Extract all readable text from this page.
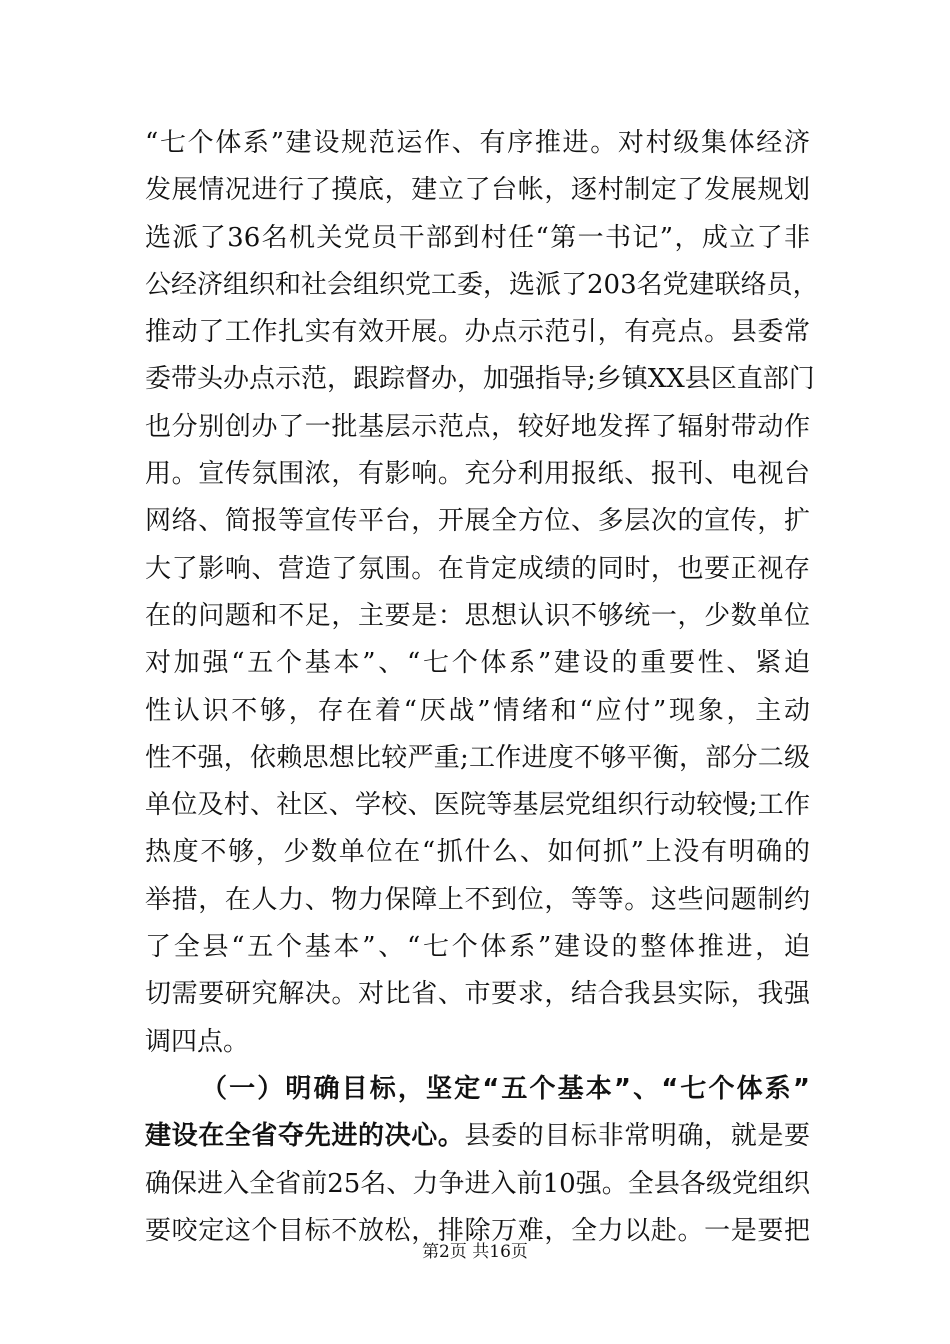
“七个体系”建设规范运作、有序推进。对村级集体经济
发展情况进行了摸底，建立了台帐，逐村制定了发展规划
选派了36名机关党员干部到村任“第一书记”，成立了非
公经济组织和社会组织党工委，选派了203名党建联络员，
推动了工作扎实有效开展。办点示范引，有亮点。县委常
委带头办点示范，跟踪督办，加强指导;乡镇XX县区直部门
也分别创办了一批基层示范点，较好地发挥了辐射带动作
用。宣传氛围浓，有影响。充分利用报纸、报刊、电视台
网络、简报等宣传平台，开展全方位、多层次的宣传，扩
大了影响、营造了氛围。在肯定成绩的同时，也要正视存
在的问题和不足，主要是：思想认识不够统一，少数单位
对加强“五个基本”、“七个体系”建设的重要性、紧迫
性认识不够，存在着“厌战”情绪和“应付”现象，主动
性不强，依赖思想比较严重;工作进度不够平衡，部分二级
单位及村、社区、学校、医院等基层党组织行动较慢;工作
热度不够，少数单位在“抓什么、如何抓”上没有明确的
举措，在人力、物力保障上不到位，等等。这些问题制约
了全县“五个基本”、“七个体系”建设的整体推进，迫
切需要研究解决。对比省、市要求，结合我县实际，我强
调四点。
（一）明确目标，坚定“五个基本”、“七个体系”
建设在全省夺先进的决心。县委的目标非常明确，就是要
确保进入全省前25名、力争进入前10强。全县各级党组织
要咬定这个目标不放松，排除万难，全力以赴。一是要把
第2页 共16页
